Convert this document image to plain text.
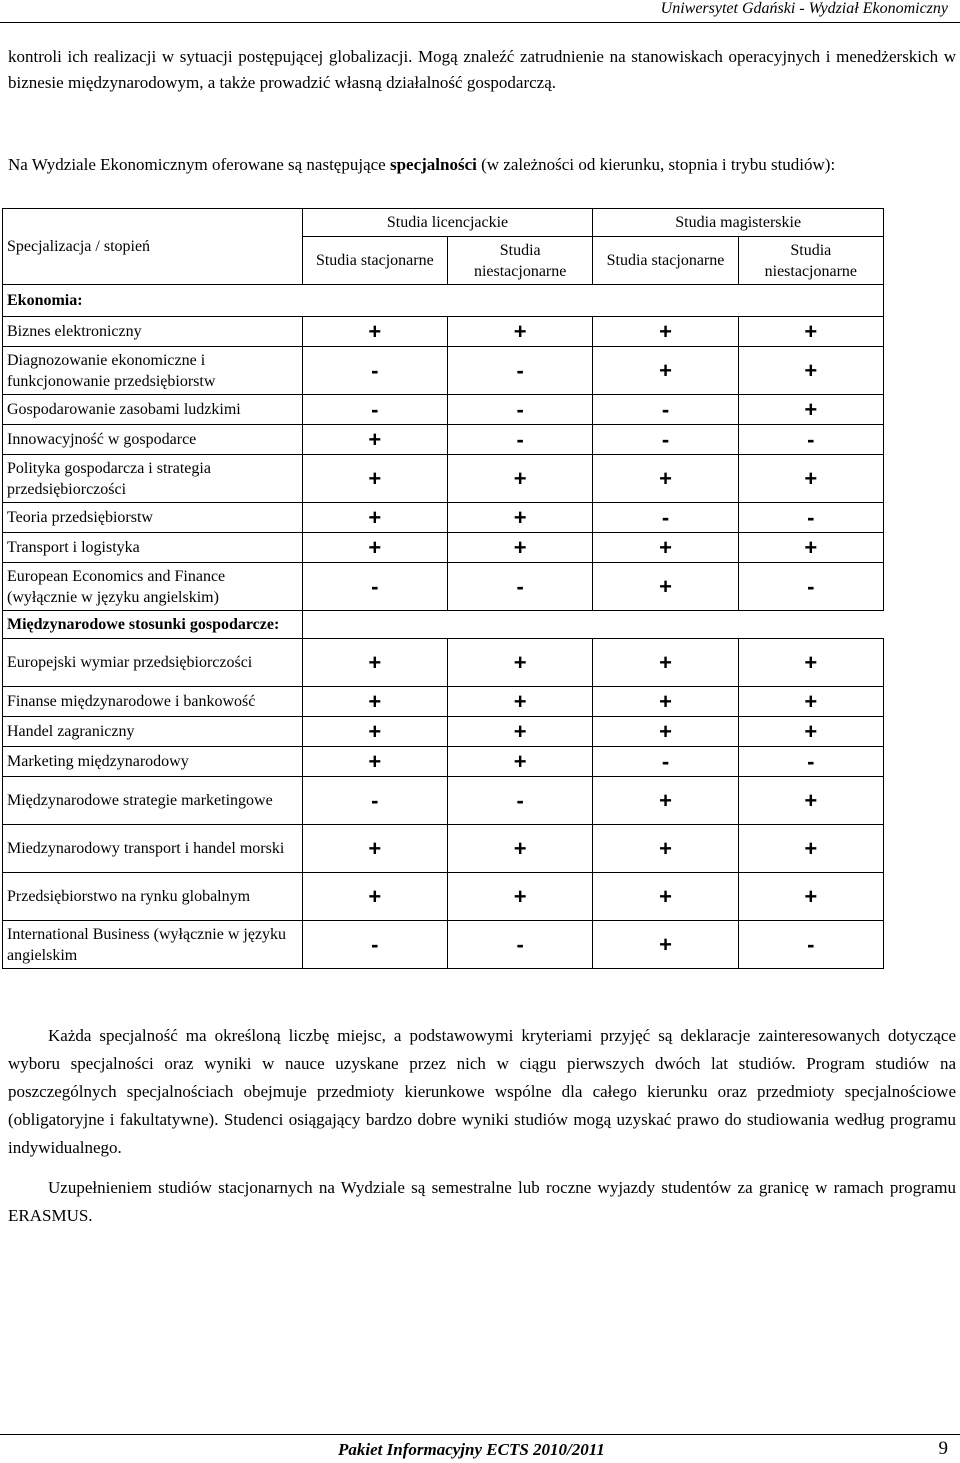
Uniwersytet Gdański - Wydział Ekonomiczny
kontroli ich realizacji w sytuacji postępującej globalizacji. Mogą znaleźć zatrudnienie na stanowiskach operacyjnych i menedżerskich w biznesie międzynarodowym, a także prowadzić własną działalność gospodarczą.
Na Wydziale Ekonomicznym oferowane są następujące specjalności (w zależności od kierunku, stopnia i trybu studiów):
Specjalizacja / stopień	Studia licencjackie		Studia magisterskie	
	Studia stacjonarne	Studia niestacjonarne	Studia stacjonarne	Studia niestacjonarne
Ekonomia:				
Biznes elektroniczny	+	+	+	+
Diagnozowanie ekonomiczne i funkcjonowanie przedsiębiorstw	-	-	+	+
Gospodarowanie zasobami ludzkimi	-	-	-	+
Innowacyjność w gospodarce	+	-	-	-
Polityka gospodarcza i strategia przedsiębiorczości	+	+	+	+
Teoria przedsiębiorstw	+	+	-	-
Transport i logistyka	+	+	+	+
European Economics and Finance (wyłącznie w języku angielskim)	-	-	+	-
Międzynarodowe stosunki gospodarcze:				
Europejski wymiar przedsiębiorczości	+	+	+	+
Finanse międzynarodowe i bankowość	+	+	+	+
Handel zagraniczny	+	+	+	+
Marketing międzynarodowy	+	+	-	-
Międzynarodowe strategie marketingowe	-	-	+	+
Miedzynarodowy transport i handel morski	+	+	+	+
Przedsiębiorstwo na rynku globalnym	+	+	+	+
International Business (wyłącznie w języku angielskim	-	-	+	-
Każda specjalność ma określoną liczbę miejsc, a podstawowymi kryteriami przyjęć są deklaracje zainteresowanych dotyczące wyboru specjalności oraz wyniki w nauce uzyskane przez nich w ciągu pierwszych dwóch lat studiów. Program studiów na poszczególnych specjalnościach obejmuje przedmioty kierunkowe wspólne dla całego kierunku oraz przedmioty specjalnościowe (obligatoryjne i fakultatywne). Studenci osiągający bardzo dobre wyniki studiów mogą uzyskać prawo do studiowania według programu indywidualnego.
Uzupełnieniem studiów stacjonarnych na Wydziale są semestralne lub roczne wyjazdy studentów za granicę w ramach programu ERASMUS.
Pakiet Informacyjny ECTS 2010/2011	9
